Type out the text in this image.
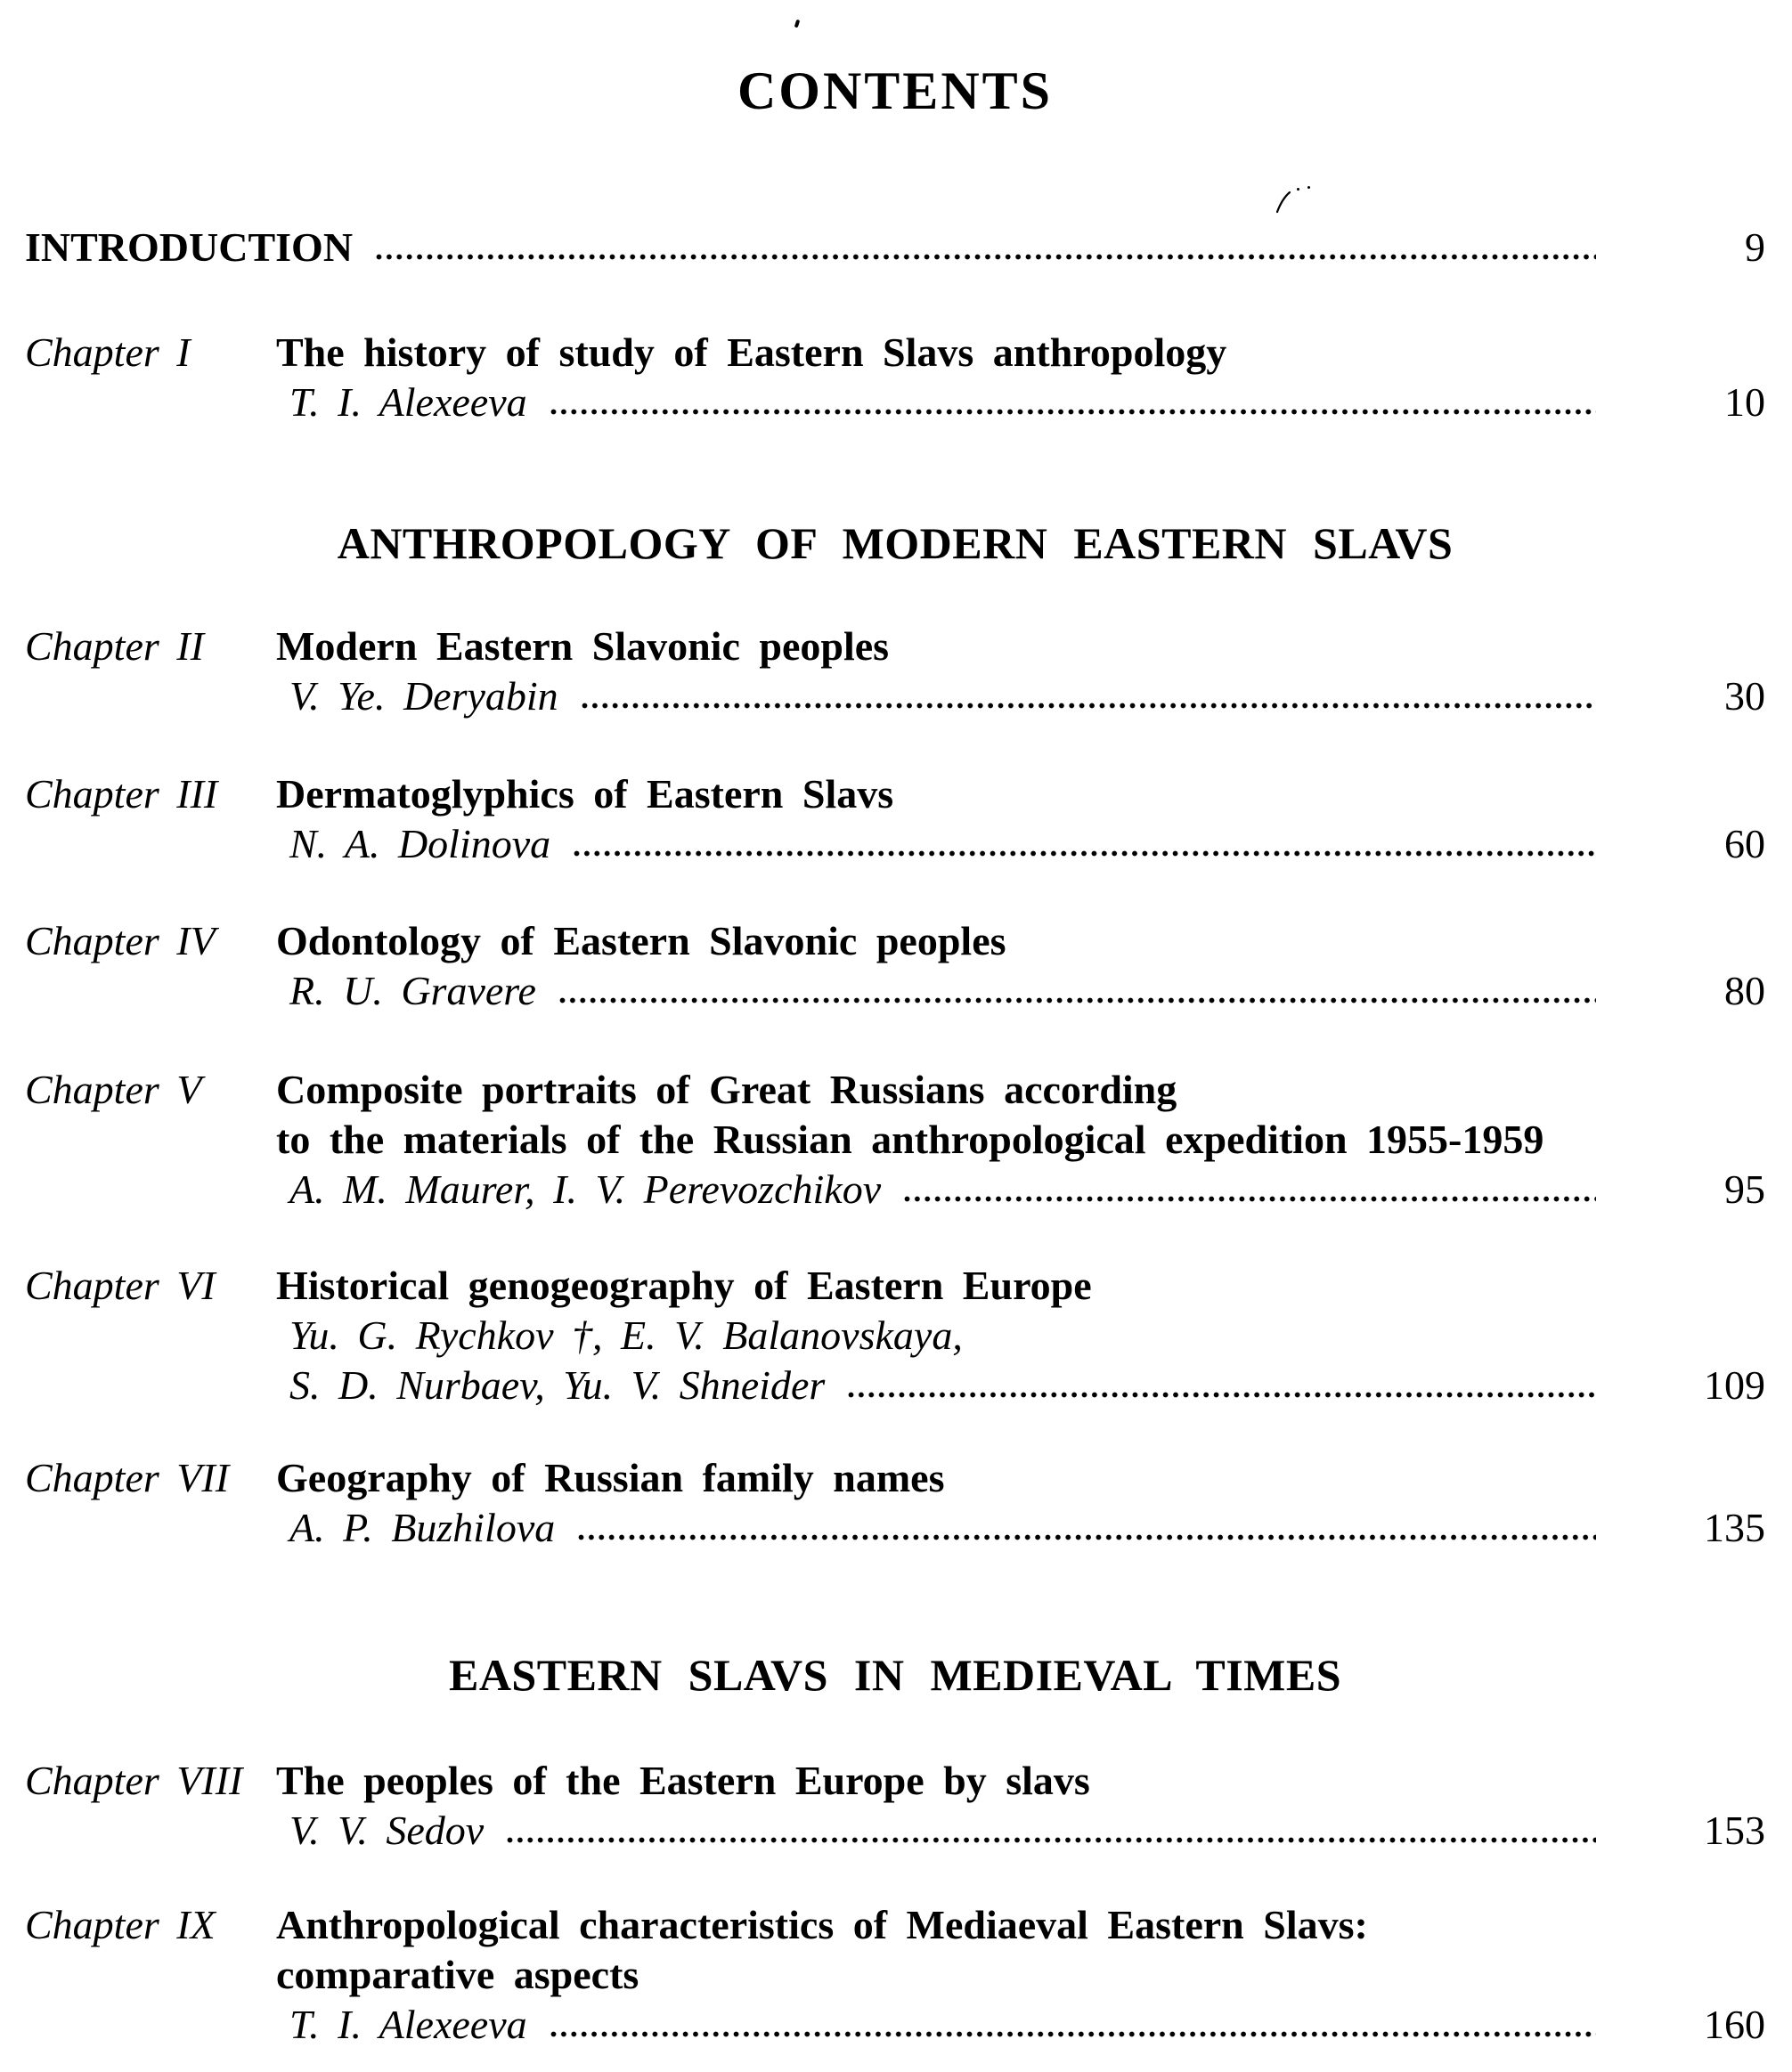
CONTENTS
INTRODUCTION	9
Chapter I	The history of study of Eastern Slavs anthropology
T. I. Alexeeva	10
ANTHROPOLOGY OF MODERN EASTERN SLAVS
Chapter II	Modern Eastern Slavonic peoples
V. Ye. Deryabin	30
Chapter III	Dermatoglyphics of Eastern Slavs
N. A. Dolinova	60
Chapter IV	Odontology of Eastern Slavonic peoples
R. U. Gravere	80
Chapter V	Composite portraits of Great Russians according
to the materials of the Russian anthropological expedition 1955-1959
A. M. Maurer, I. V. Perevozchikov	95
Chapter VI	Historical genogeography of Eastern Europe
Yu. G. Rychkov †, E. V. Balanovskaya,
S. D. Nurbaev, Yu. V. Shneider	109
Chapter VII	Geography of Russian family names
A. P. Buzhilova	135
EASTERN SLAVS IN MEDIEVAL TIMES
Chapter VIII The peoples of the Eastern Europe by slavs
V. V. Sedov	153
Chapter IX	Anthropological characteristics of Mediaeval Eastern Slavs:
comparative aspects
T. I. Alexeeva	160
